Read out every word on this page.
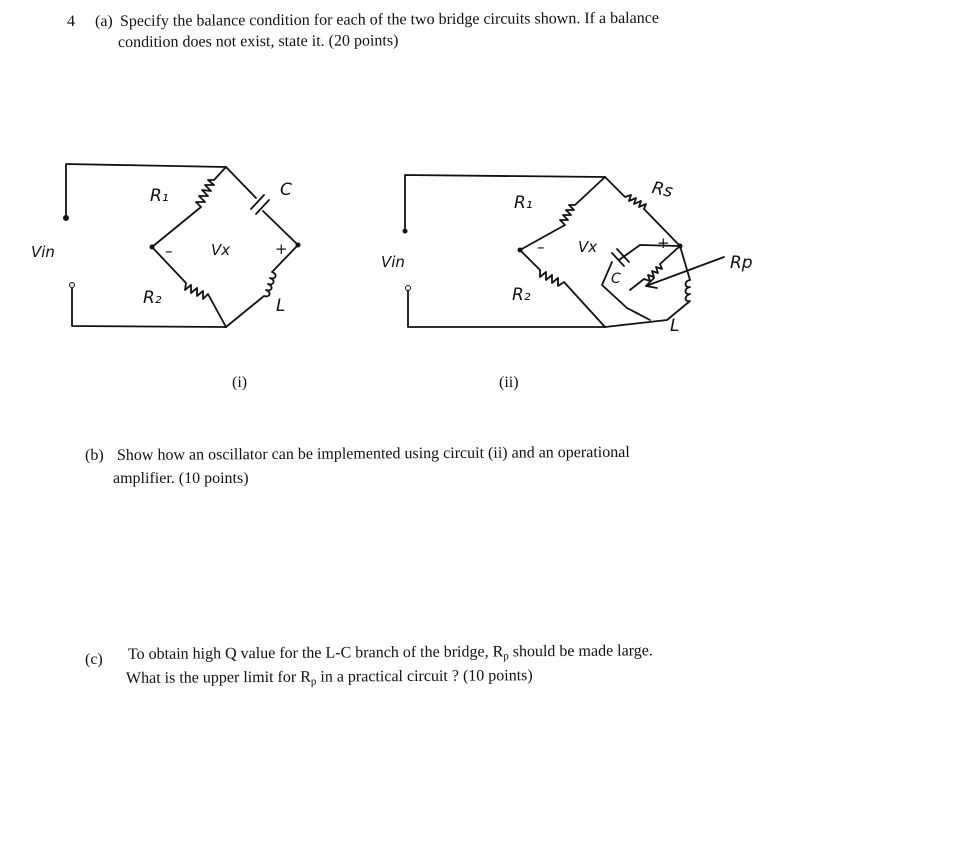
4 (a) Specify the balance condition for each of the two bridge circuits shown. If a balance
condition does not exist, state it. (20 points)
(b) Show how an oscillator can be implemented using circuit (ii) and an operational
amplifier. (10 points)
(c) To obtain high Q value for the L-C branch of the bridge, Rp should be made large.
What is the upper limit for Rp in a practical circuit ? (10 points)
Vin
R₁
R₂
C
L
Vx
–	+
(i)
Vin
R₁
R₂
Rs
Rp
C
L
Vx
–	+
(ii)
